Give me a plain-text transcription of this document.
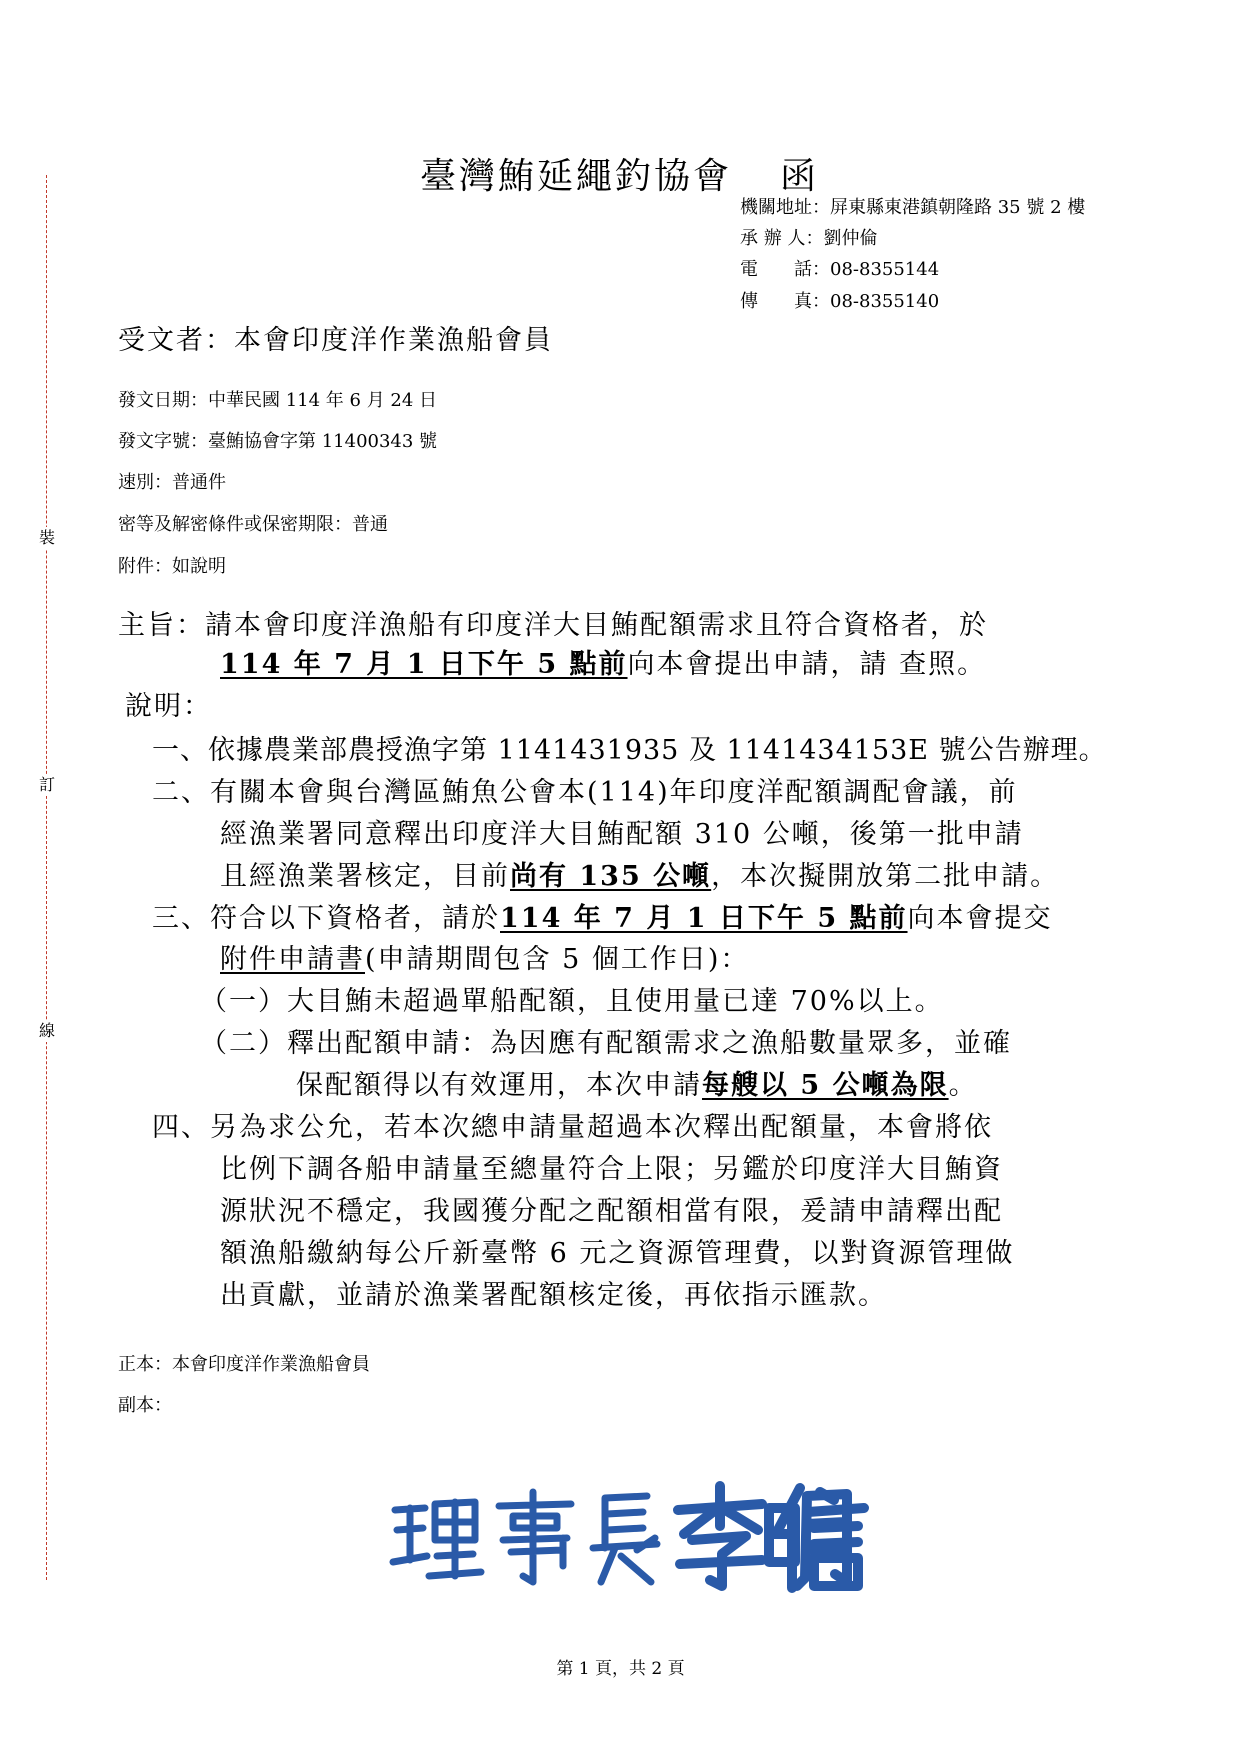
裝
訂
線
臺灣鮪延繩釣協會 函
機關地址：屏東縣東港鎮朝隆路 35 號 2 樓
承 辦 人：劉仲倫
電　　話：08-8355144
傳　　真：08-8355140
受文者：本會印度洋作業漁船會員
發文日期：中華民國 114 年 6 月 24 日
發文字號：臺鮪協會字第 11400343 號
速別：普通件
密等及解密條件或保密期限：普通
附件：如說明
主旨：請本會印度洋漁船有印度洋大目鮪配額需求且符合資格者，於
114 年 7 月 1 日下午 5 點前向本會提出申請，請 查照。
說明：
一、依據農業部農授漁字第 1141431935 及 1141434153E 號公告辦理。
二、有關本會與台灣區鮪魚公會本(114)年印度洋配額調配會議，前
經漁業署同意釋出印度洋大目鮪配額 310 公噸，後第一批申請
且經漁業署核定，目前尚有 135 公噸，本次擬開放第二批申請。
三、符合以下資格者，請於114 年 7 月 1 日下午 5 點前向本會提交
附件申請書(申請期間包含 5 個工作日)：
（一）大目鮪未超過單船配額，且使用量已達 70%以上。
（二）釋出配額申請：為因應有配額需求之漁船數量眾多，並確
保配額得以有效運用，本次申請每艘以 5 公噸為限。
四、另為求公允，若本次總申請量超過本次釋出配額量，本會將依
比例下調各船申請量至總量符合上限；另鑑於印度洋大目鮪資
源狀況不穩定，我國獲分配之配額相當有限，爰請申請釋出配
額漁船繳納每公斤新臺幣 6 元之資源管理費，以對資源管理做
出貢獻，並請於漁業署配額核定後，再依指示匯款。
正本：本會印度洋作業漁船會員
副本：
第 1 頁，共 2 頁
